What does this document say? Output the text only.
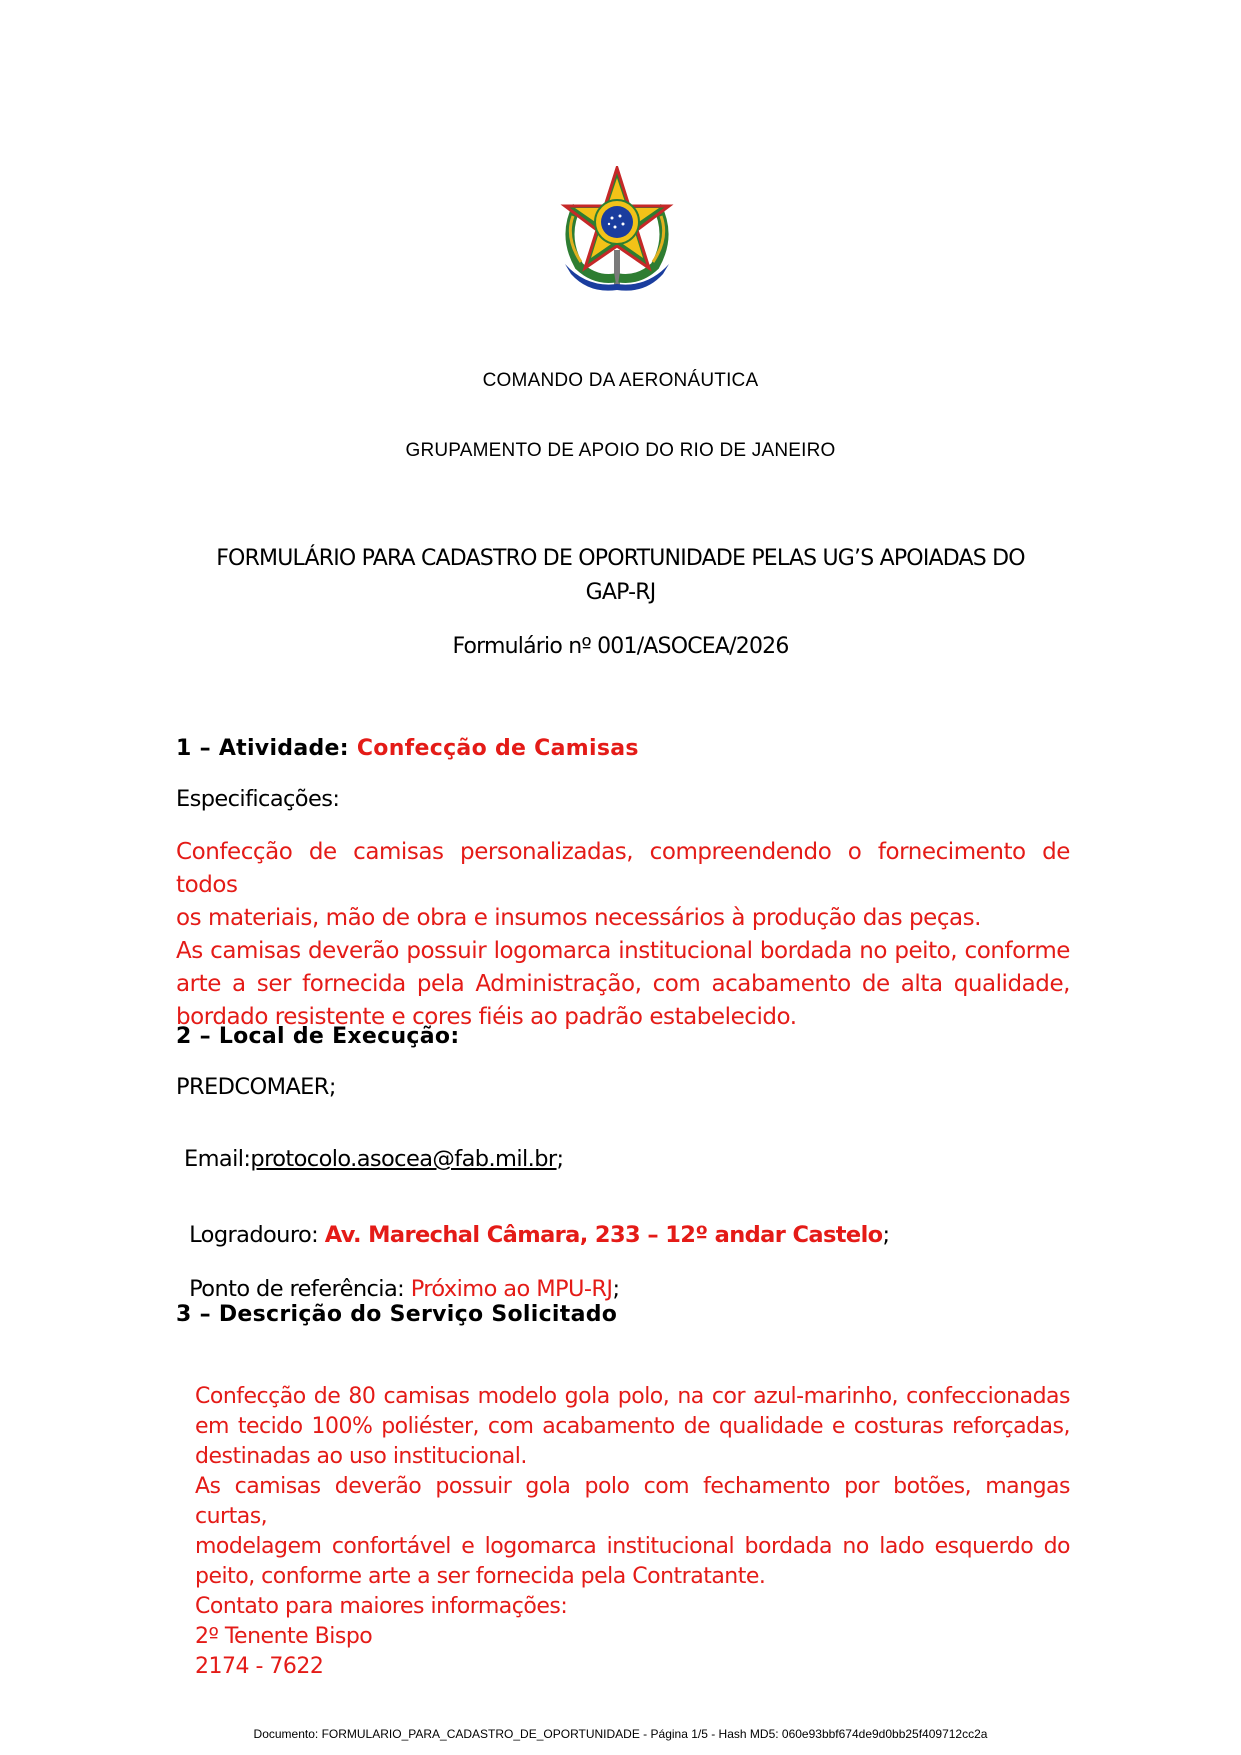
COMANDO DA AERONÁUTICA
GRUPAMENTO DE APOIO DO RIO DE JANEIRO
FORMULÁRIO PARA CADASTRO DE OPORTUNIDADE PELAS UG’S APOIADAS DO
GAP-RJ
Formulário nº 001/ASOCEA/2026
1 – Atividade: Confecção de Camisas
Especificações:
Confecção de camisas personalizadas, compreendendo o fornecimento de todos
os materiais, mão de obra e insumos necessários à produção das peças.
As camisas deverão possuir logomarca institucional bordada no peito, conforme
arte a ser fornecida pela Administração, com acabamento de alta qualidade,
bordado resistente e cores fiéis ao padrão estabelecido.
2 – Local de Execução:
PREDCOMAER;
Email:protocolo.asocea@fab.mil.br;

Logradouro: Av. Marechal Câmara, 233 – 12º andar Castelo;

Ponto de referência: Próximo ao MPU-RJ;

3 – Descrição do Serviço Solicitado
Confecção de 80 camisas modelo gola polo, na cor azul-marinho, confeccionadas
em tecido 100% poliéster, com acabamento de qualidade e costuras reforçadas,
destinadas ao uso institucional.
As camisas deverão possuir gola polo com fechamento por botões, mangas curtas,
modelagem confortável e logomarca institucional bordada no lado esquerdo do
peito, conforme arte a ser fornecida pela Contratante.
Contato para maiores informações:
2º Tenente Bispo
2174 - 7622
Documento: FORMULARIO_PARA_CADASTRO_DE_OPORTUNIDADE - Página 1/5 - Hash MD5: 060e93bbf674de9d0bb25f409712cc2a
